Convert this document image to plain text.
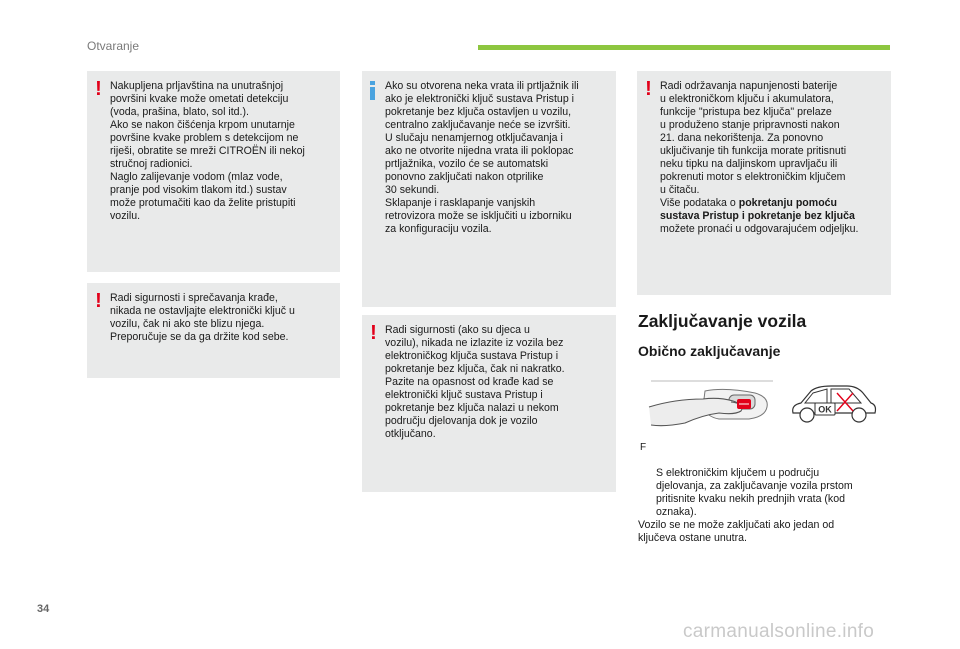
Otvaranje
! Nakupljena prljavština na unutrašnjoj
površini kvake može ometati detekciju
(voda, prašina, blato, sol itd.).
Ako se nakon čišćenja krpom unutarnje
površine kvake problem s detekcijom ne
riješi, obratite se mreži CITROËN ili nekoj
stručnoj radionici.
Naglo zalijevanje vodom (mlaz vode,
pranje pod visokim tlakom itd.) sustav
može protumačiti kao da želite pristupiti
vozilu.

! Radi sigurnosti i sprečavanja krađe,
nikada ne ostavljajte elektronički ključ u
vozilu, čak ni ako ste blizu njega.
Preporučuje se da ga držite kod sebe.

Ako su otvorena neka vrata ili prtljažnik ili
ako je elektronički ključ sustava Pristup i
pokretanje bez ključa ostavljen u vozilu,
centralno zaključavanje neće se izvršiti.
U slučaju nenamjernog otključavanja i
ako ne otvorite nijedna vrata ili poklopac
prtljažnika, vozilo će se automatski
ponovno zaključati nakon otprilike
30 sekundi.
Sklapanje i rasklapanje vanjskih
retrovizora može se isključiti u izborniku
za konfiguraciju vozila.

! Radi sigurnosti (ako su djeca u
vozilu), nikada ne izlazite iz vozila bez
elektroničkog ključa sustava Pristup i
pokretanje bez ključa, čak ni nakratko.
Pazite na opasnost od krađe kad se
elektronički ključ sustava Pristup i
pokretanje bez ključa nalazi u nekom
području djelovanja dok je vozilo
otključano.

! Radi održavanja napunjenosti baterije
u elektroničkom ključu i akumulatora,
funkcije "pristupa bez ključa" prelaze
u produženo stanje pripravnosti nakon
21. dana nekorištenja. Za ponovno
uključivanje tih funkcija morate pritisnuti
neku tipku na daljinskom upravljaču ili
pokrenuti motor s elektroničkim ključem
u čitaču.
Više podataka o pokretanju pomoću
sustava Pristup i pokretanje bez ključa
možete pronaći u odgovarajućem odjeljku.

Zaključavanje vozila
Obično zaključavanje
OK

F

S elektroničkim ključem u području
djelovanja, za zaključavanje vozila prstom
pritisnite kvaku nekih prednjih vrata (kod
oznaka).

Vozilo se ne može zaključati ako jedan od
ključeva ostane unutra.
34
carmanualsonline.info
